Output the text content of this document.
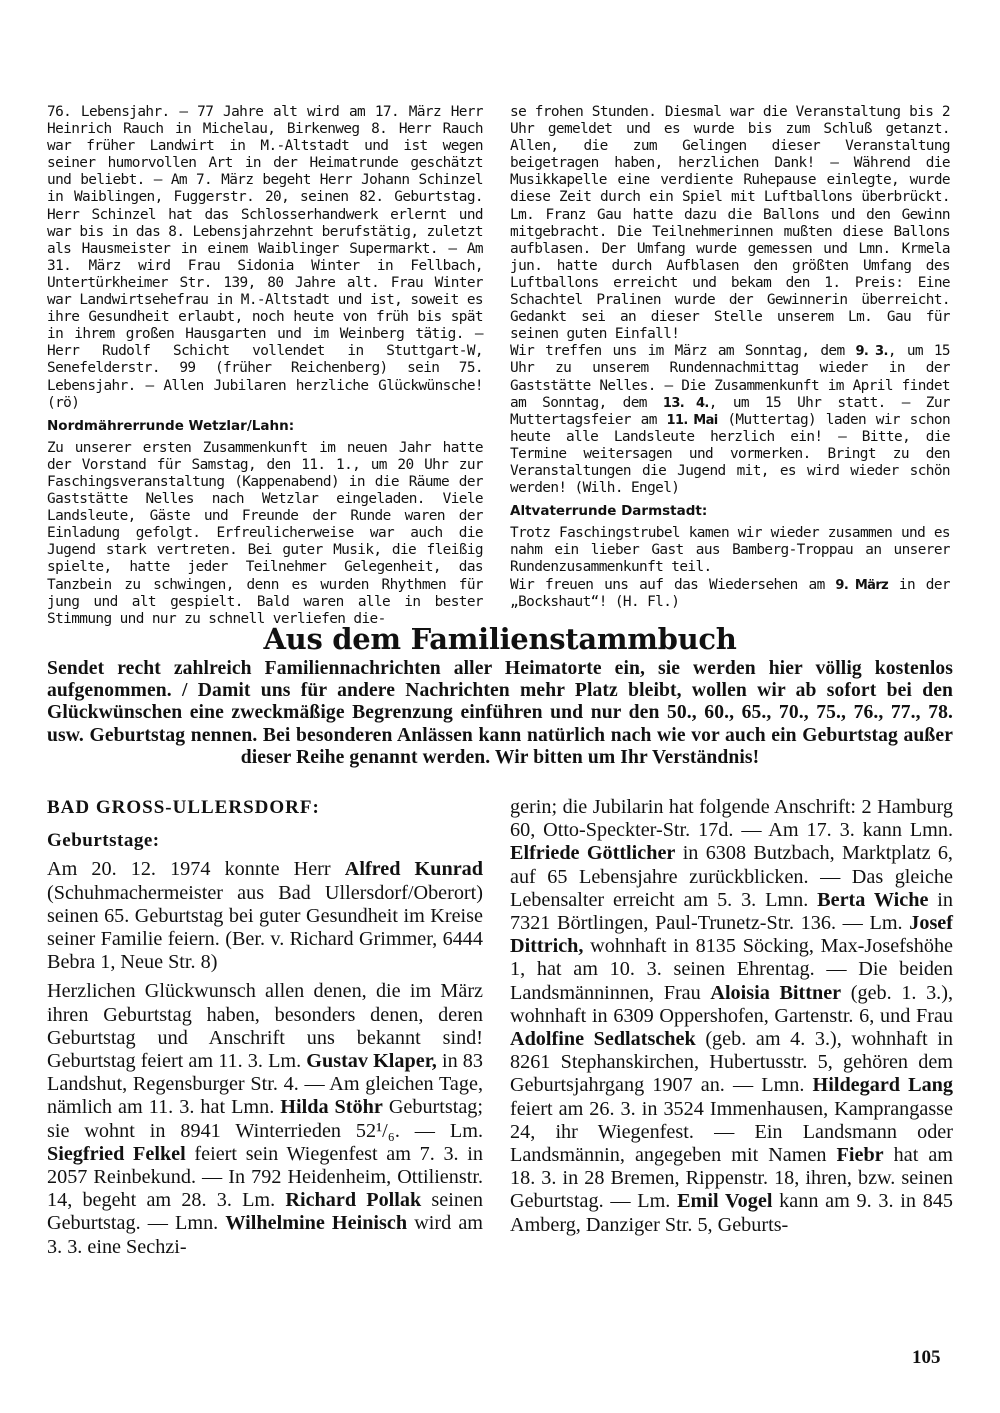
76. Lebensjahr. – 77 Jahre alt wird am 17. März Herr Heinrich Rauch in Michelau, Birkenweg 8. Herr Rauch war früher Landwirt in M.-Altstadt und ist wegen seiner humorvollen Art in der Heimatrunde geschätzt und beliebt. – Am 7. März begeht Herr Johann Schinzel in Waiblingen, Fuggerstr. 20, seinen 82. Geburtstag. Herr Schinzel hat das Schlosserhandwerk erlernt und war bis in das 8. Lebensjahrzehnt berufstätig, zuletzt als Hausmeister in einem Waiblinger Supermarkt. – Am 31. März wird Frau Sidonia Winter in Fellbach, Untertürkheimer Str. 139, 80 Jahre alt. Frau Winter war Landwirtsehefrau in M.-Altstadt und ist, soweit es ihre Gesundheit erlaubt, noch heute von früh bis spät in ihrem großen Hausgarten und im Weinberg tätig. – Herr Rudolf Schicht vollendet in Stuttgart-W, Senefelderstr. 99 (früher Reichenberg) sein 75. Lebensjahr. – Allen Jubilaren herzliche Glückwünsche! (rö)

Nordmährerrunde Wetzlar/Lahn:

Zu unserer ersten Zusammenkunft im neuen Jahr hatte der Vorstand für Samstag, den 11. 1., um 20 Uhr zur Faschingsveranstaltung (Kappenabend) in die Räume der Gaststätte Nelles nach Wetzlar eingeladen. Viele Landsleute, Gäste und Freunde der Runde waren der Einladung gefolgt. Erfreulicherweise war auch die Jugend stark vertreten. Bei guter Musik, die fleißig spielte, hatte jeder Teilnehmer Gelegenheit, das Tanzbein zu schwingen, denn es wurden Rhythmen für jung und alt gespielt. Bald waren alle in bester Stimmung und nur zu schnell verliefen die-

se frohen Stunden. Diesmal war die Veranstaltung bis 2 Uhr gemeldet und es wurde bis zum Schluß getanzt. Allen, die zum Gelingen dieser Veranstaltung beigetragen haben, herzlichen Dank! – Während die Musikkapelle eine verdiente Ruhepause einlegte, wurde diese Zeit durch ein Spiel mit Luftballons überbrückt. Lm. Franz Gau hatte dazu die Ballons und den Gewinn mitgebracht. Die Teilnehmerinnen mußten diese Ballons aufblasen. Der Umfang wurde gemessen und Lmn. Krmela jun. hatte durch Aufblasen den größten Umfang des Luftballons erreicht und bekam den 1. Preis: Eine Schachtel Pralinen wurde der Gewinnerin überreicht. Gedankt sei an dieser Stelle unserem Lm. Gau für seinen guten Einfall!

Wir treffen uns im März am Sonntag, dem 9. 3., um 15 Uhr zu unserem Rundennachmittag wieder in der Gaststätte Nelles. – Die Zusammenkunft im April findet am Sonntag, dem 13. 4., um 15 Uhr statt. – Zur Muttertagsfeier am 11. Mai (Muttertag) laden wir schon heute alle Landsleute herzlich ein! – Bitte, die Termine weitersagen und vormerken. Bringt zu den Veranstaltungen die Jugend mit, es wird wieder schön werden! (Wilh. Engel)

Altvaterrunde Darmstadt:

Trotz Faschingstrubel kamen wir wieder zusammen und es nahm ein lieber Gast aus Bamberg-Troppau an unserer Rundenzusammenkunft teil.

Wir freuen uns auf das Wiedersehen am 9. März in der „Bockshaut“! (H. Fl.)

Aus dem Familienstammbuch

Sendet recht zahlreich Familiennachrichten aller Heimatorte ein, sie werden hier völlig kostenlos aufgenommen. / Damit uns für andere Nachrichten mehr Platz bleibt, wollen wir ab sofort bei den Glückwünschen eine zweckmäßige Begrenzung einführen und nur den 50., 60., 65., 70., 75., 76., 77., 78. usw. Geburtstag nennen. Bei besonderen Anlässen kann natürlich nach wie vor auch ein Geburtstag außer dieser Reihe genannt werden. Wir bitten um Ihr Verständnis!

BAD GROSS-ULLERSDORF:

Geburtstage:

Am 20. 12. 1974 konnte Herr Alfred Kunrad (Schuhmachermeister aus Bad Ullersdorf/Oberort) seinen 65. Geburtstag bei guter Gesundheit im Kreise seiner Familie feiern. (Ber. v. Richard Grimmer, 6444 Bebra 1, Neue Str. 8)

Herzlichen Glückwunsch allen denen, die im März ihren Geburtstag haben, besonders denen, deren Geburtstag und Anschrift uns bekannt sind! Geburtstag feiert am 11. 3. Lm. Gustav Klaper, in 83 Landshut, Regensburger Str. 4. — Am gleichen Tage, nämlich am 11. 3. hat Lmn. Hilda Stöhr Geburtstag; sie wohnt in 8941 Winterrieden 52¹/₆. — Lm. Siegfried Felkel feiert sein Wiegenfest am 7. 3. in 2057 Reinbekund. — In 792 Heidenheim, Ottilienstr. 14, begeht am 28. 3. Lm. Richard Pollak seinen Geburtstag. — Lmn. Wilhelmine Heinisch wird am 3. 3. eine Sechzi-

gerin; die Jubilarin hat folgende Anschrift: 2 Hamburg 60, Otto-Speckter-Str. 17d. — Am 17. 3. kann Lmn. Elfriede Göttlicher in 6308 Butzbach, Marktplatz 6, auf 65 Lebensjahre zurückblicken. — Das gleiche Lebensalter erreicht am 5. 3. Lmn. Berta Wiche in 7321 Börtlingen, Paul-Trunetz-Str. 136. — Lm. Josef Dittrich, wohnhaft in 8135 Söcking, Max-Josefshöhe 1, hat am 10. 3. seinen Ehrentag. — Die beiden Landsmänninnen, Frau Aloisia Bittner (geb. 1. 3.), wohnhaft in 6309 Oppershofen, Gartenstr. 6, und Frau Adolfine Sedlatschek (geb. am 4. 3.), wohnhaft in 8261 Stephanskirchen, Hubertusstr. 5, gehören dem Geburtsjahrgang 1907 an. — Lmn. Hildegard Lang feiert am 26. 3. in 3524 Immenhausen, Kamprangasse 24, ihr Wiegenfest. — Ein Landsmann oder Landsmännin, angegeben mit Namen Fiebr hat am 18. 3. in 28 Bremen, Rippenstr. 18, ihren, bzw. seinen Geburtstag. — Lm. Emil Vogel kann am 9. 3. in 845 Amberg, Danziger Str. 5, Geburts-

105
